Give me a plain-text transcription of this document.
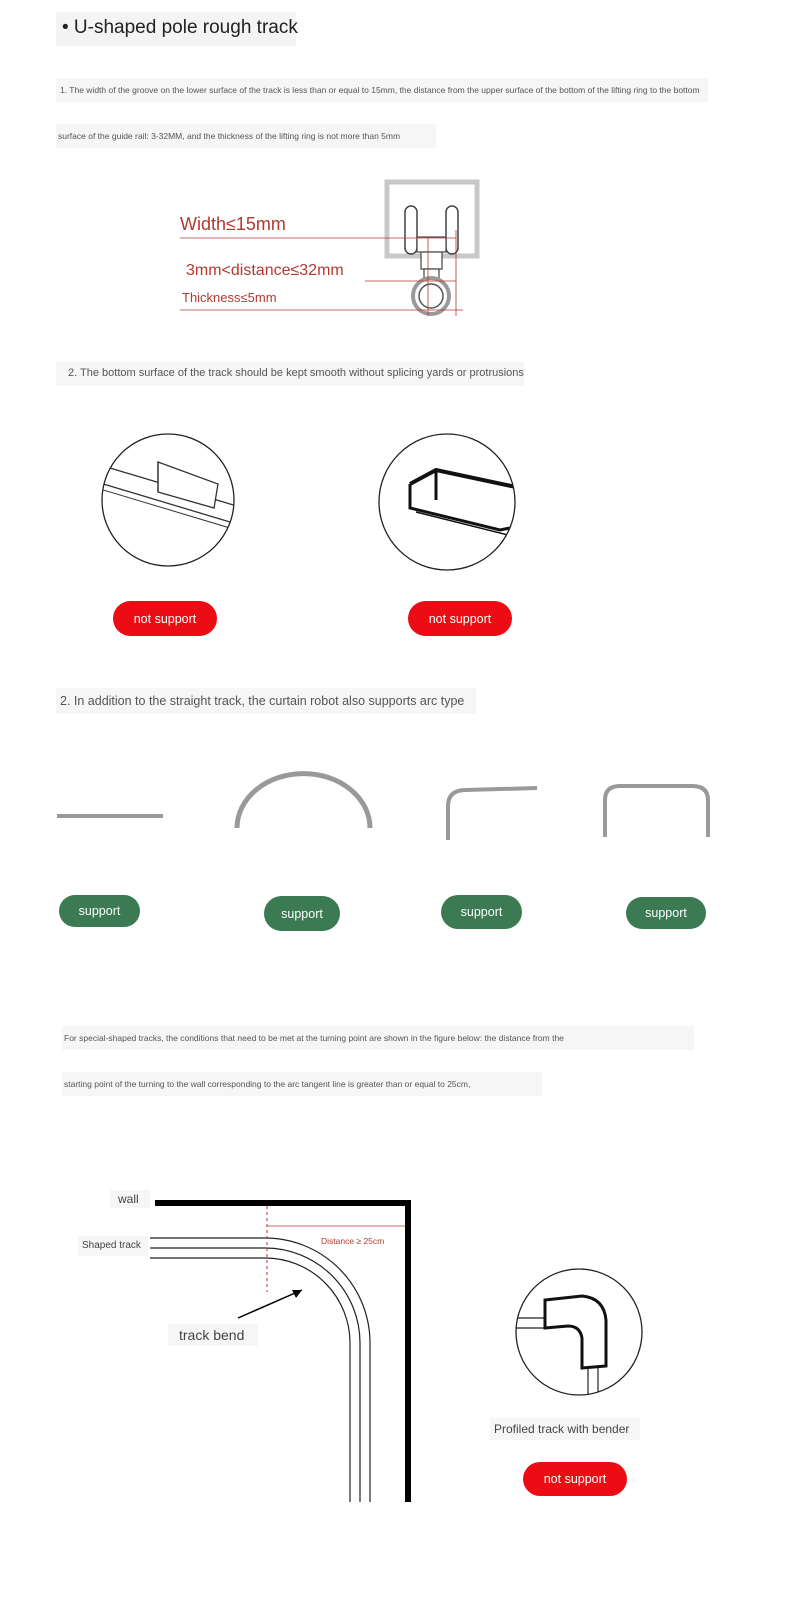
• U-shaped pole rough track
1. The width of the groove on the lower surface of the track is less than or equal to 15mm, the distance from the upper surface of the bottom of the lifting ring to the bottom
surface of the guide rail: 3-32MM, and the thickness of the lifting ring is not more than 5mm
Width≤15mm
3mm<distance≤32mm
Thickness≤5mm
2. The bottom surface of the track should be kept smooth without splicing yards or protrusions
not support	not support
2. In addition to the straight track, the curtain robot also supports arc type
support	support	support	support
For special-shaped tracks, the conditions that need to be met at the turning point are shown in the figure below: the distance from the
starting point of the turning to the wall corresponding to the arc tangent line is greater than or equal to 25cm,
wall
Shaped track	Distance ≥ 25cm
track bend
Profiled track with bender
not support
